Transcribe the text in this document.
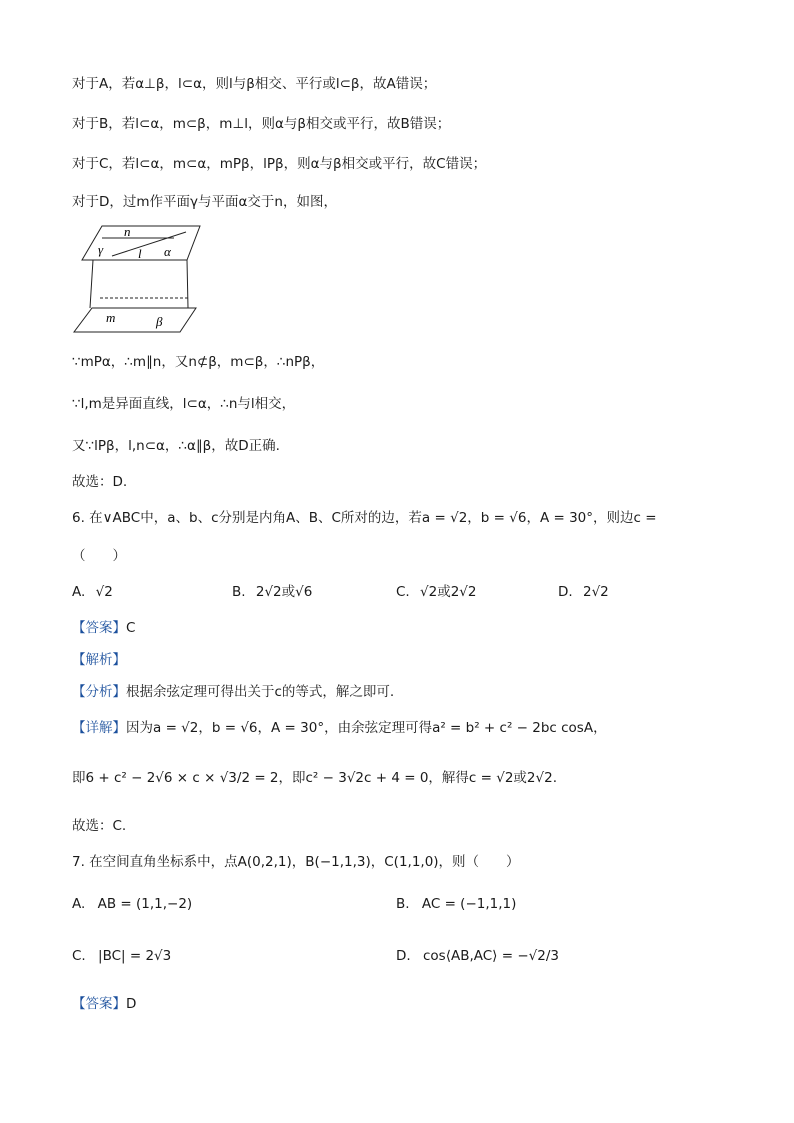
对于A，若α⊥β，l⊂α，则l与β相交、平行或l⊂β，故A错误；
对于B，若l⊂α，m⊂β，m⊥l，则α与β相交或平行，故B错误；
对于C，若l⊂α，m⊂α，mPβ，lPβ，则α与β相交或平行，故C错误；
对于D，过m作平面γ与平面α交于n，如图，
n
γ	l α
m	β
∵mPα，∴m∥n，又n⊄β，m⊂β，∴nPβ，
∵l,m是异面直线，l⊂α，∴n与l相交，
又∵lPβ，l,n⊂α，∴α∥β，故D正确.
故选：D.
6. 在∨ABC中，a、b、c分别是内角A、B、C所对的边，若a = √2，b = √6，A = 30°，则边c =
（　　）
A. √2	B. 2√2或√6	C. √2或2√2	D. 2√2
【答案】C
【解析】
【分析】根据余弦定理可得出关于c的等式，解之即可.
【详解】因为a = √2，b = √6，A = 30°，由余弦定理可得a² = b² + c² − 2bc cosA，
即6 + c² − 2√6 × c × √3/2 = 2，即c² − 3√2c + 4 = 0，解得c = √2或2√2.
故选：C.
7. 在空间直角坐标系中，点A(0,2,1)，B(−1,1,3)，C(1,1,0)，则（　　）
A. AB = (1,1,−2)	B. AC = (−1,1,1)
C. |BC| = 2√3	D. cos⟨AB,AC⟩ = −√2/3
【答案】D
